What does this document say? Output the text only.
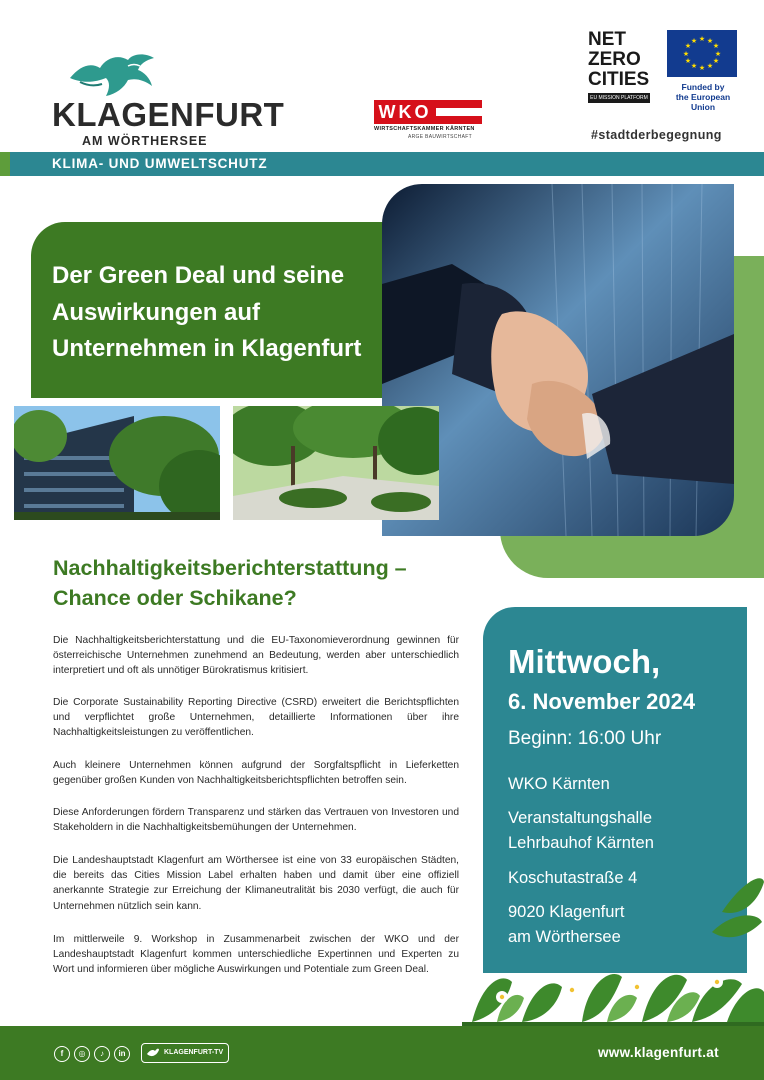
KLAGENFURT
AM WÖRTHERSEE
WKO
WIRTSCHAFTSKAMMER KÄRNTEN
ARGE BAUWIRTSCHAFT
NET
ZERO
CITIES
EU MISSION PLATFORM
★ ★
★
★
★
★
★
★
★
★
★
★
Funded by
the European Union
#stadtderbegegnung
KLIMA- UND UMWELTSCHUTZ
Der Green Deal und seine
Auswirkungen auf
Unternehmen in Klagenfurt
Nachhaltigkeitsberichterstattung –
Chance oder Schikane?
Die Nachhaltigkeitsberichterstattung und die EU-Taxonomieverordnung gewinnen für österreichische Unternehmen zunehmend an Bedeutung, werden aber unterschiedlich interpretiert und oft als unnötiger Bürokratismus kritisiert.
Die Corporate Sustainability Reporting Directive (CSRD) erweitert die Berichtspflichten und verpflichtet große Unternehmen, detaillierte Informationen über ihre Nachhaltigkeitsleistungen zu veröffentlichen.
Auch kleinere Unternehmen können aufgrund der Sorgfaltspflicht in Lieferketten gegenüber großen Kunden von Nachhaltigkeitsberichtspflichten betroffen sein.
Diese Anforderungen fördern Transparenz und stärken das Vertrauen von Investoren und Stakeholdern in die Nachhaltigkeitsbemühungen der Unternehmen.
Die Landeshauptstadt Klagenfurt am Wörthersee ist eine von 33 europäischen Städten, die bereits das Cities Mission Label erhalten haben und damit über eine offiziell anerkannte Strategie zur Erreichung der Klimaneutralität bis 2030 verfügt, die auch für Unternehmen nützlich sein kann.
Im mittlerweile 9. Workshop in Zusammenarbeit zwischen der WKO und der Landeshauptstadt Klagenfurt kommen unterschiedliche Expertinnen und Experten zu Wort und informieren über mögliche Auswirkungen und Potentiale zum Green Deal.
Mittwoch,
6. November 2024
Beginn: 16:00 Uhr
WKO Kärnten
Veranstaltungshalle
Lehrbauhof Kärnten
Koschutastraße 4
9020 Klagenfurt
am Wörthersee
f	◎	♪	in	KLAGENFURT-TV	www.klagenfurt.at
